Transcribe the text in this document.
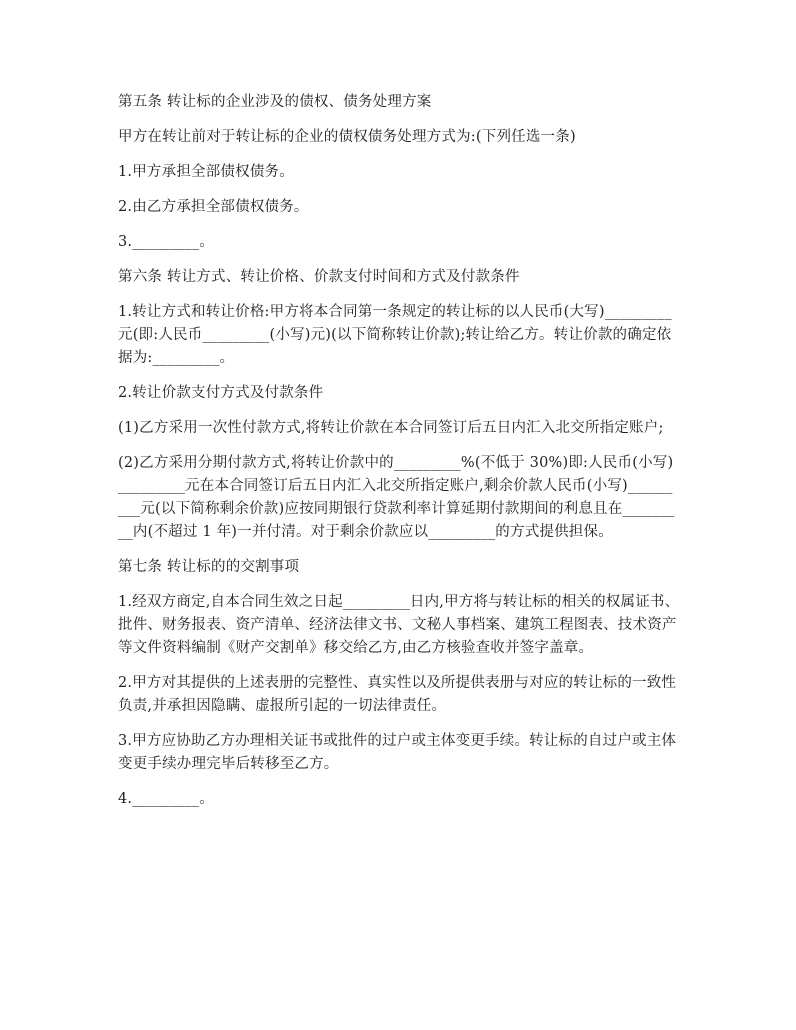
第五条 转让标的企业涉及的债权、债务处理方案

甲方在转让前对于转让标的企业的债权债务处理方式为:(下列任选一条)

1.甲方承担全部债权债务。

2.由乙方承担全部债权债务。

3._________。

第六条 转让方式、转让价格、价款支付时间和方式及付款条件

1.转让方式和转让价格:甲方将本合同第一条规定的转让标的以人民币(大写)_________元(即:人民币_________(小写)元)(以下简称转让价款);转让给乙方。转让价款的确定依据为:_________。

2.转让价款支付方式及付款条件

(1)乙方采用一次性付款方式,将转让价款在本合同签订后五日内汇入北交所指定账户;

(2)乙方采用分期付款方式,将转让价款中的_________%(不低于 30%)即:人民币(小写)_________元在本合同签订后五日内汇入北交所指定账户,剩余价款人民币(小写)_________元(以下简称剩余价款)应按同期银行贷款利率计算延期付款期间的利息且在_________内(不超过 1 年)一并付清。对于剩余价款应以_________的方式提供担保。

第七条 转让标的的交割事项

1.经双方商定,自本合同生效之日起_________日内,甲方将与转让标的相关的权属证书、批件、财务报表、资产清单、经济法律文书、文秘人事档案、建筑工程图表、技术资产等文件资料编制《财产交割单》移交给乙方,由乙方核验查收并签字盖章。

2.甲方对其提供的上述表册的完整性、真实性以及所提供表册与对应的转让标的一致性负责,并承担因隐瞒、虚报所引起的一切法律责任。

3.甲方应协助乙方办理相关证书或批件的过户或主体变更手续。转让标的自过户或主体变更手续办理完毕后转移至乙方。

4._________。
